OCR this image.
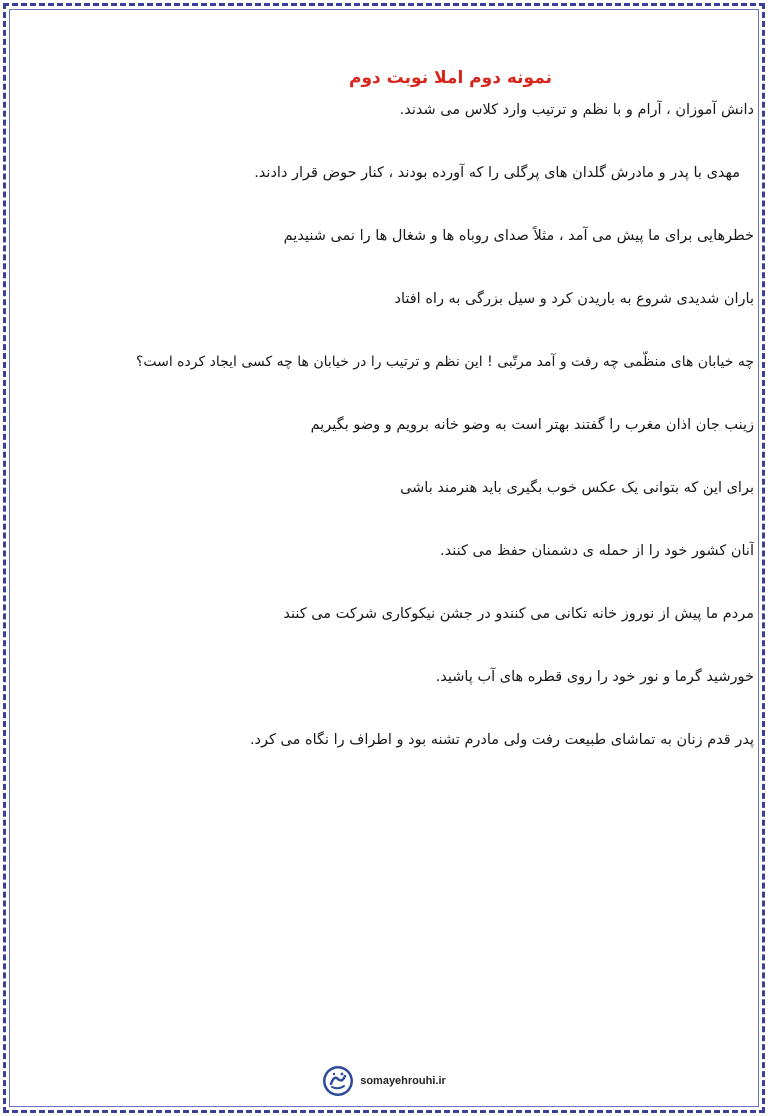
نمونه دوم املا نوبت دوم
دانش آموزان ، آرام و با نظم و ترتیب وارد کلاس می شدند.
مهدی با پدر و مادرش گلدان های پرگلی را که آورده بودند ، کنار حوض قرار دادند.
خطرهایی برای ما پیش می آمد ، مثلاً صدای روباه ها و شغال ها را نمی شنیدیم
باران شدیدی شروع به باریدن کرد و سیل بزرگی به راه افتاد
چه خیابان های منظّمی چه رفت و آمد مرتّبی ! این نظم و ترتیب را در خیابان ها چه کسی ایجاد کرده است؟
زینب جان اذان مغرب را گفتند بهتر است به وضو خانه برویم و وضو بگیریم
برای این که بتوانی یک عکس خوب بگیری باید هنرمند باشی
آنان کشور خود را از حمله ی دشمنان حفظ می کنند.
مردم ما پیش از نوروز خانه تکانی می کنندو در جشن نیکوکاری شرکت می کنند
خورشید گرما و نور خود را روی قطره های آب پاشید.
پدر قدم زنان به تماشای طبیعت رفت ولی مادرم تشنه بود و اطراف را نگاه می کرد.
somayehrouhi.ir
